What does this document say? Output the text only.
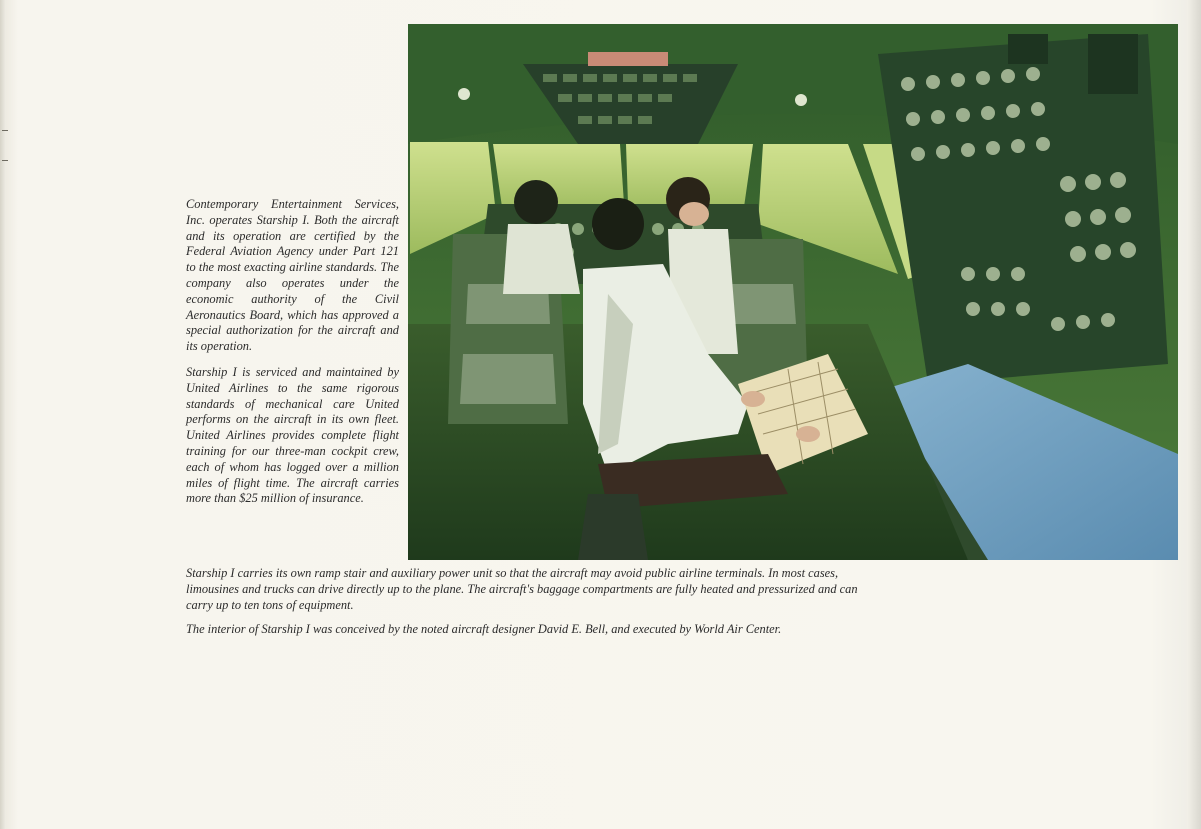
Contemporary Entertainment Services, Inc. operates Starship I. Both the aircraft and its operation are certified by the Federal Aviation Agency under Part 121 to the most exacting airline standards. The company also operates under the economic authority of the Civil Aeronautics Board, which has approved a special authorization for the aircraft and its operation.

Starship I is serviced and maintained by United Airlines to the same rigorous standards of mechanical care United performs on the aircraft in its own fleet. United Airlines provides complete flight training for our three-man cockpit crew, each of whom has logged over a million miles of flight time. The aircraft carries more than $25 million of insurance.

Starship I carries its own ramp stair and auxiliary power unit so that the aircraft may avoid public airline terminals. In most cases, limousines and trucks can drive directly up to the plane. The aircraft's baggage compartments are fully heated and pressurized and can carry up to ten tons of equipment.

The interior of Starship I was conceived by the noted aircraft designer David E. Bell, and executed by World Air Center.
